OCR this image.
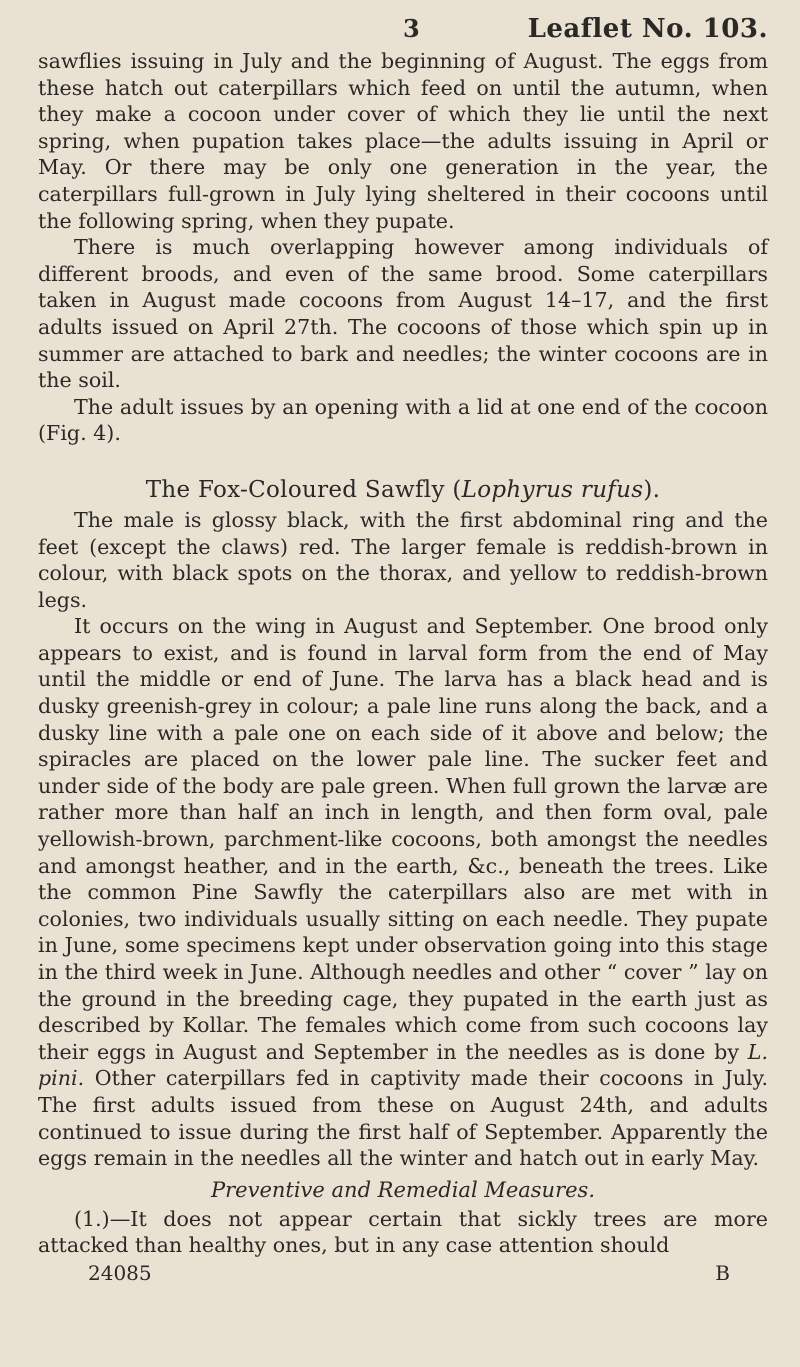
3	Leaflet No. 103.

sawflies issuing in July and the beginning of August. The eggs from these hatch out caterpillars which feed on until the autumn, when they make a cocoon under cover of which they lie until the next spring, when pupation takes place—the adults issuing in April or May. Or there may be only one generation in the year, the caterpillars full-grown in July lying sheltered in their cocoons until the following spring, when they pupate.

There is much overlapping however among individuals of different broods, and even of the same brood. Some caterpillars taken in August made cocoons from August 14–17, and the first adults issued on April 27th. The cocoons of those which spin up in summer are attached to bark and needles; the winter cocoons are in the soil.

The adult issues by an opening with a lid at one end of the cocoon (Fig. 4).

The Fox-Coloured Sawfly (Lophyrus rufus).

The male is glossy black, with the first abdominal ring and the feet (except the claws) red. The larger female is reddish-brown in colour, with black spots on the thorax, and yellow to reddish-brown legs.

It occurs on the wing in August and September. One brood only appears to exist, and is found in larval form from the end of May until the middle or end of June. The larva has a black head and is dusky greenish-grey in colour; a pale line runs along the back, and a dusky line with a pale one on each side of it above and below; the spiracles are placed on the lower pale line. The sucker feet and under side of the body are pale green. When full grown the larvæ are rather more than half an inch in length, and then form oval, pale yellowish-brown, parchment-like cocoons, both amongst the needles and amongst heather, and in the earth, &c., beneath the trees. Like the common Pine Sawfly the caterpillars also are met with in colonies, two individuals usually sitting on each needle. They pupate in June, some specimens kept under observation going into this stage in the third week in June. Although needles and other “ cover ” lay on the ground in the breeding cage, they pupated in the earth just as described by Kollar. The females which come from such cocoons lay their eggs in August and September in the needles as is done by L. pini. Other caterpillars fed in captivity made their cocoons in July. The first adults issued from these on August 24th, and adults continued to issue during the first half of September. Apparently the eggs remain in the needles all the winter and hatch out in early May.

Preventive and Remedial Measures.

(1.)—It does not appear certain that sickly trees are more attacked than healthy ones, but in any case attention should

24085	B
